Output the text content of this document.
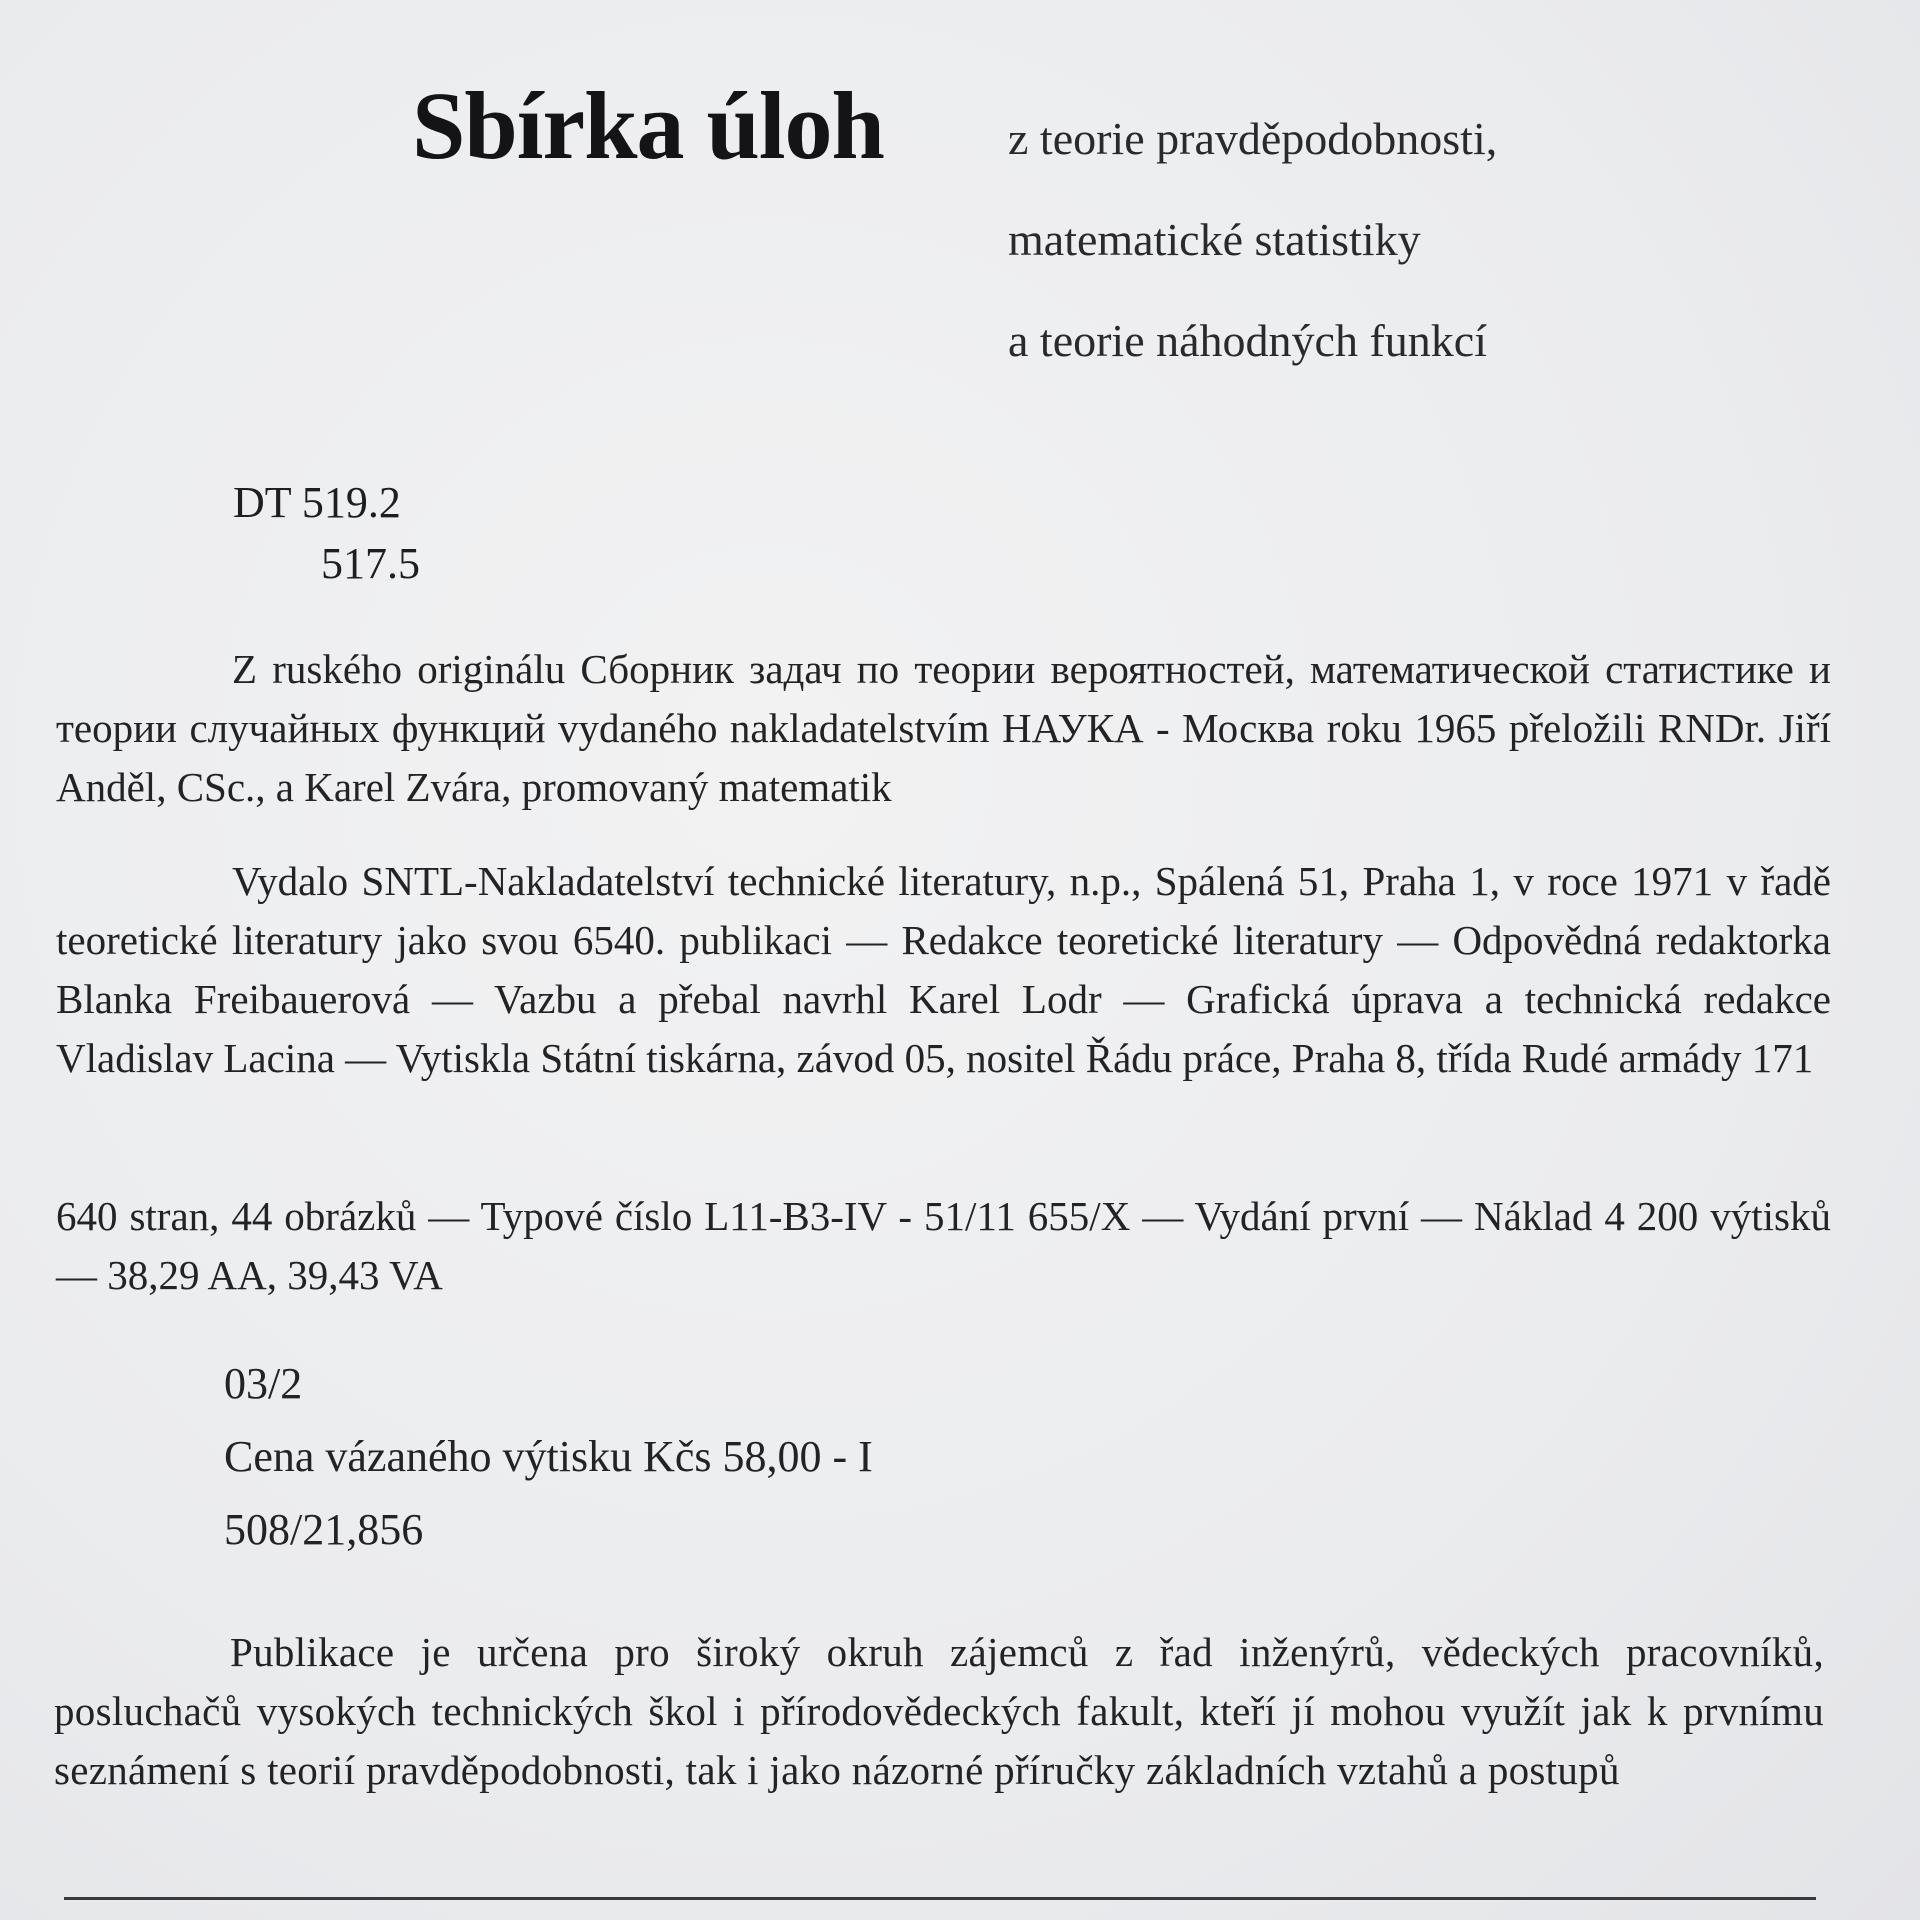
Sbírka úloh	z teorie pravděpodobnosti,
matematické statistiky
a teorie náhodných funkcí
DT 519.2
517.5
Z ruského originálu Сборник задач по теории вероятностей, математической статистике и теории случайных функций vydaného nakladatelstvím НАУКА - Москва roku 1965 přeložili RNDr. Jiří Anděl, CSc., a Karel Zvára, promovaný matematik
Vydalo SNTL-Nakladatelství technické literatury, n.p., Spálená 51, Praha 1, v roce 1971 v řadě teoretické literatury jako svou 6540. publikaci — Redakce teoretické literatury — Odpovědná redaktorka Blanka Freibauerová — Vazbu a přebal navrhl Karel Lodr — Grafická úprava a technická redakce Vladislav Lacina — Vytiskla Státní tiskárna, závod 05, nositel Řádu práce, Praha 8, třída Rudé armády 171
640 stran, 44 obrázků — Typové číslo L11-B3-IV - 51/11 655/X — Vydání první — Náklad 4 200 výtisků — 38,29 AA, 39,43 VA
03/2
Cena vázaného výtisku Kčs 58,00 - I
508/21,856
Publikace je určena pro široký okruh zájemců z řad inženýrů, vědeckých pracovníků, posluchačů vysokých technických škol i přírodovědeckých fakult, kteří jí mohou využít jak k prvnímu seznámení s teorií pravděpodobnosti, tak i jako názorné příručky základních vztahů a postupů
